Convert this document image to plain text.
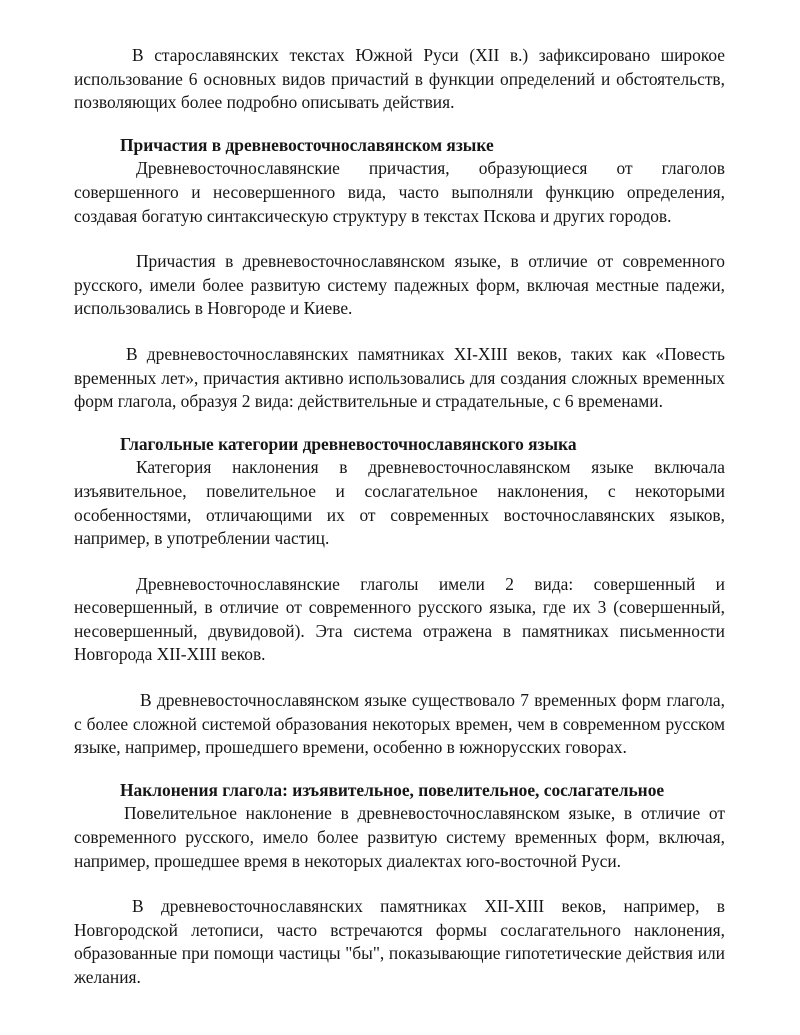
В старославянских текстах Южной Руси (XII в.) зафиксировано широкое использование 6 основных видов причастий в функции определений и обстоятельств, позволяющих более подробно описывать действия.

Причастия в древневосточнославянском языке

Древневосточнославянские причастия, образующиеся от глаголов совершенного и несовершенного вида, часто выполняли функцию определения, создавая богатую синтаксическую структуру в текстах Пскова и других городов.

Причастия в древневосточнославянском языке, в отличие от современного русского, имели более развитую систему падежных форм, включая местные падежи, использовались в Новгороде и Киеве.

В древневосточнославянских памятниках XI-XIII веков, таких как «Повесть временных лет», причастия активно использовались для создания сложных временных форм глагола, образуя 2 вида: действительные и страдательные, с 6 временами.

Глагольные категории древневосточнославянского языка

Категория наклонения в древневосточнославянском языке включала изъявительное, повелительное и сослагательное наклонения, с некоторыми особенностями, отличающими их от современных восточнославянских языков, например, в употреблении частиц.

Древневосточнославянские глаголы имели 2 вида: совершенный и несовершенный, в отличие от современного русского языка, где их 3 (совершенный, несовершенный, двувидовой). Эта система отражена в памятниках письменности Новгорода XII-XIII веков.

В древневосточнославянском языке существовало 7 временных форм глагола, с более сложной системой образования некоторых времен, чем в современном русском языке, например, прошедшего времени, особенно в южнорусских говорах.

Наклонения глагола: изъявительное, повелительное, сослагательное

Повелительное наклонение в древневосточнославянском языке, в отличие от современного русского, имело более развитую систему временных форм, включая, например, прошедшее время в некоторых диалектах юго-восточной Руси.

В древневосточнославянских памятниках XII-XIII веков, например, в Новгородской летописи, часто встречаются формы сослагательного наклонения, образованные при помощи частицы "бы", показывающие гипотетические действия или желания.
